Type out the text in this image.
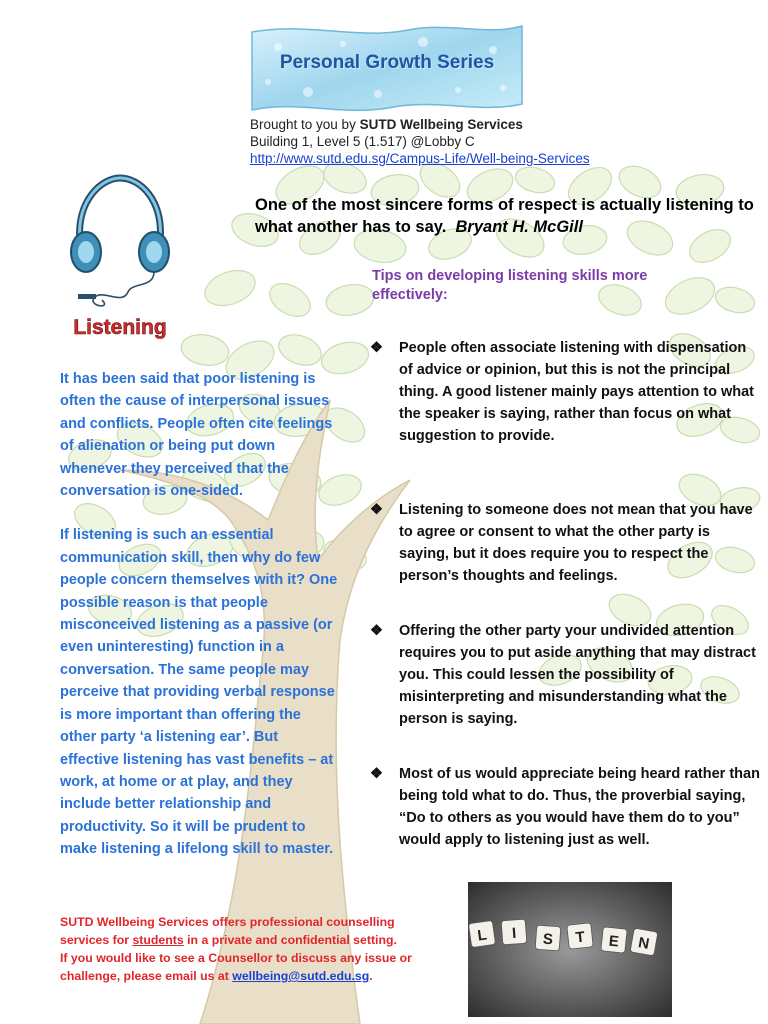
Personal Growth Series
Brought to you by SUTD Wellbeing Services
Building 1, Level 5 (1.517) @Lobby C
http://www.sutd.edu.sg/Campus-Life/Well-being-Services
Listening
One of the most sincere forms of respect is actually listening to what another has to say. Bryant H. McGill
Tips on developing listening skills more effectively:
❖	People often associate listening with dispensation of advice or opinion, but this is not the principal thing. A good listener mainly pays attention to what the speaker is saying, rather than focus on what suggestion to provide.
❖	Listening to someone does not mean that you have to agree or consent to what the other party is saying, but it does require you to respect the person’s thoughts and feelings.
❖	Offering the other party your undivided attention requires you to put aside anything that may distract you. This could lessen the possibility of misinterpreting and misunderstanding what the person is saying.
❖	Most of us would appreciate being heard rather than being told what to do. Thus, the proverbial saying, “Do to others as you would have them do to you” would apply to listening just as well.

It has been said that poor listening is often the cause of interpersonal issues and conflicts. People often cite feelings of alienation or being put down whenever they perceived that the conversation is one-sided.

If listening is such an essential communication skill, then why do few people concern themselves with it? One possible reason is that people misconceived listening as a passive (or even uninteresting) function in a conversation. The same people may perceive that providing verbal response is more important than offering the other party ‘a listening ear’. But effective listening has vast benefits – at work, at home or at play, and they include better relationship and productivity. So it will be prudent to make listening a lifelong skill to master.

SUTD Wellbeing Services offers professional counselling services for students in a private and confidential setting.

If you would like to see a Counsellor to discuss any issue or challenge, please email us at wellbeing@sutd.edu.sg.

L I S T E N
